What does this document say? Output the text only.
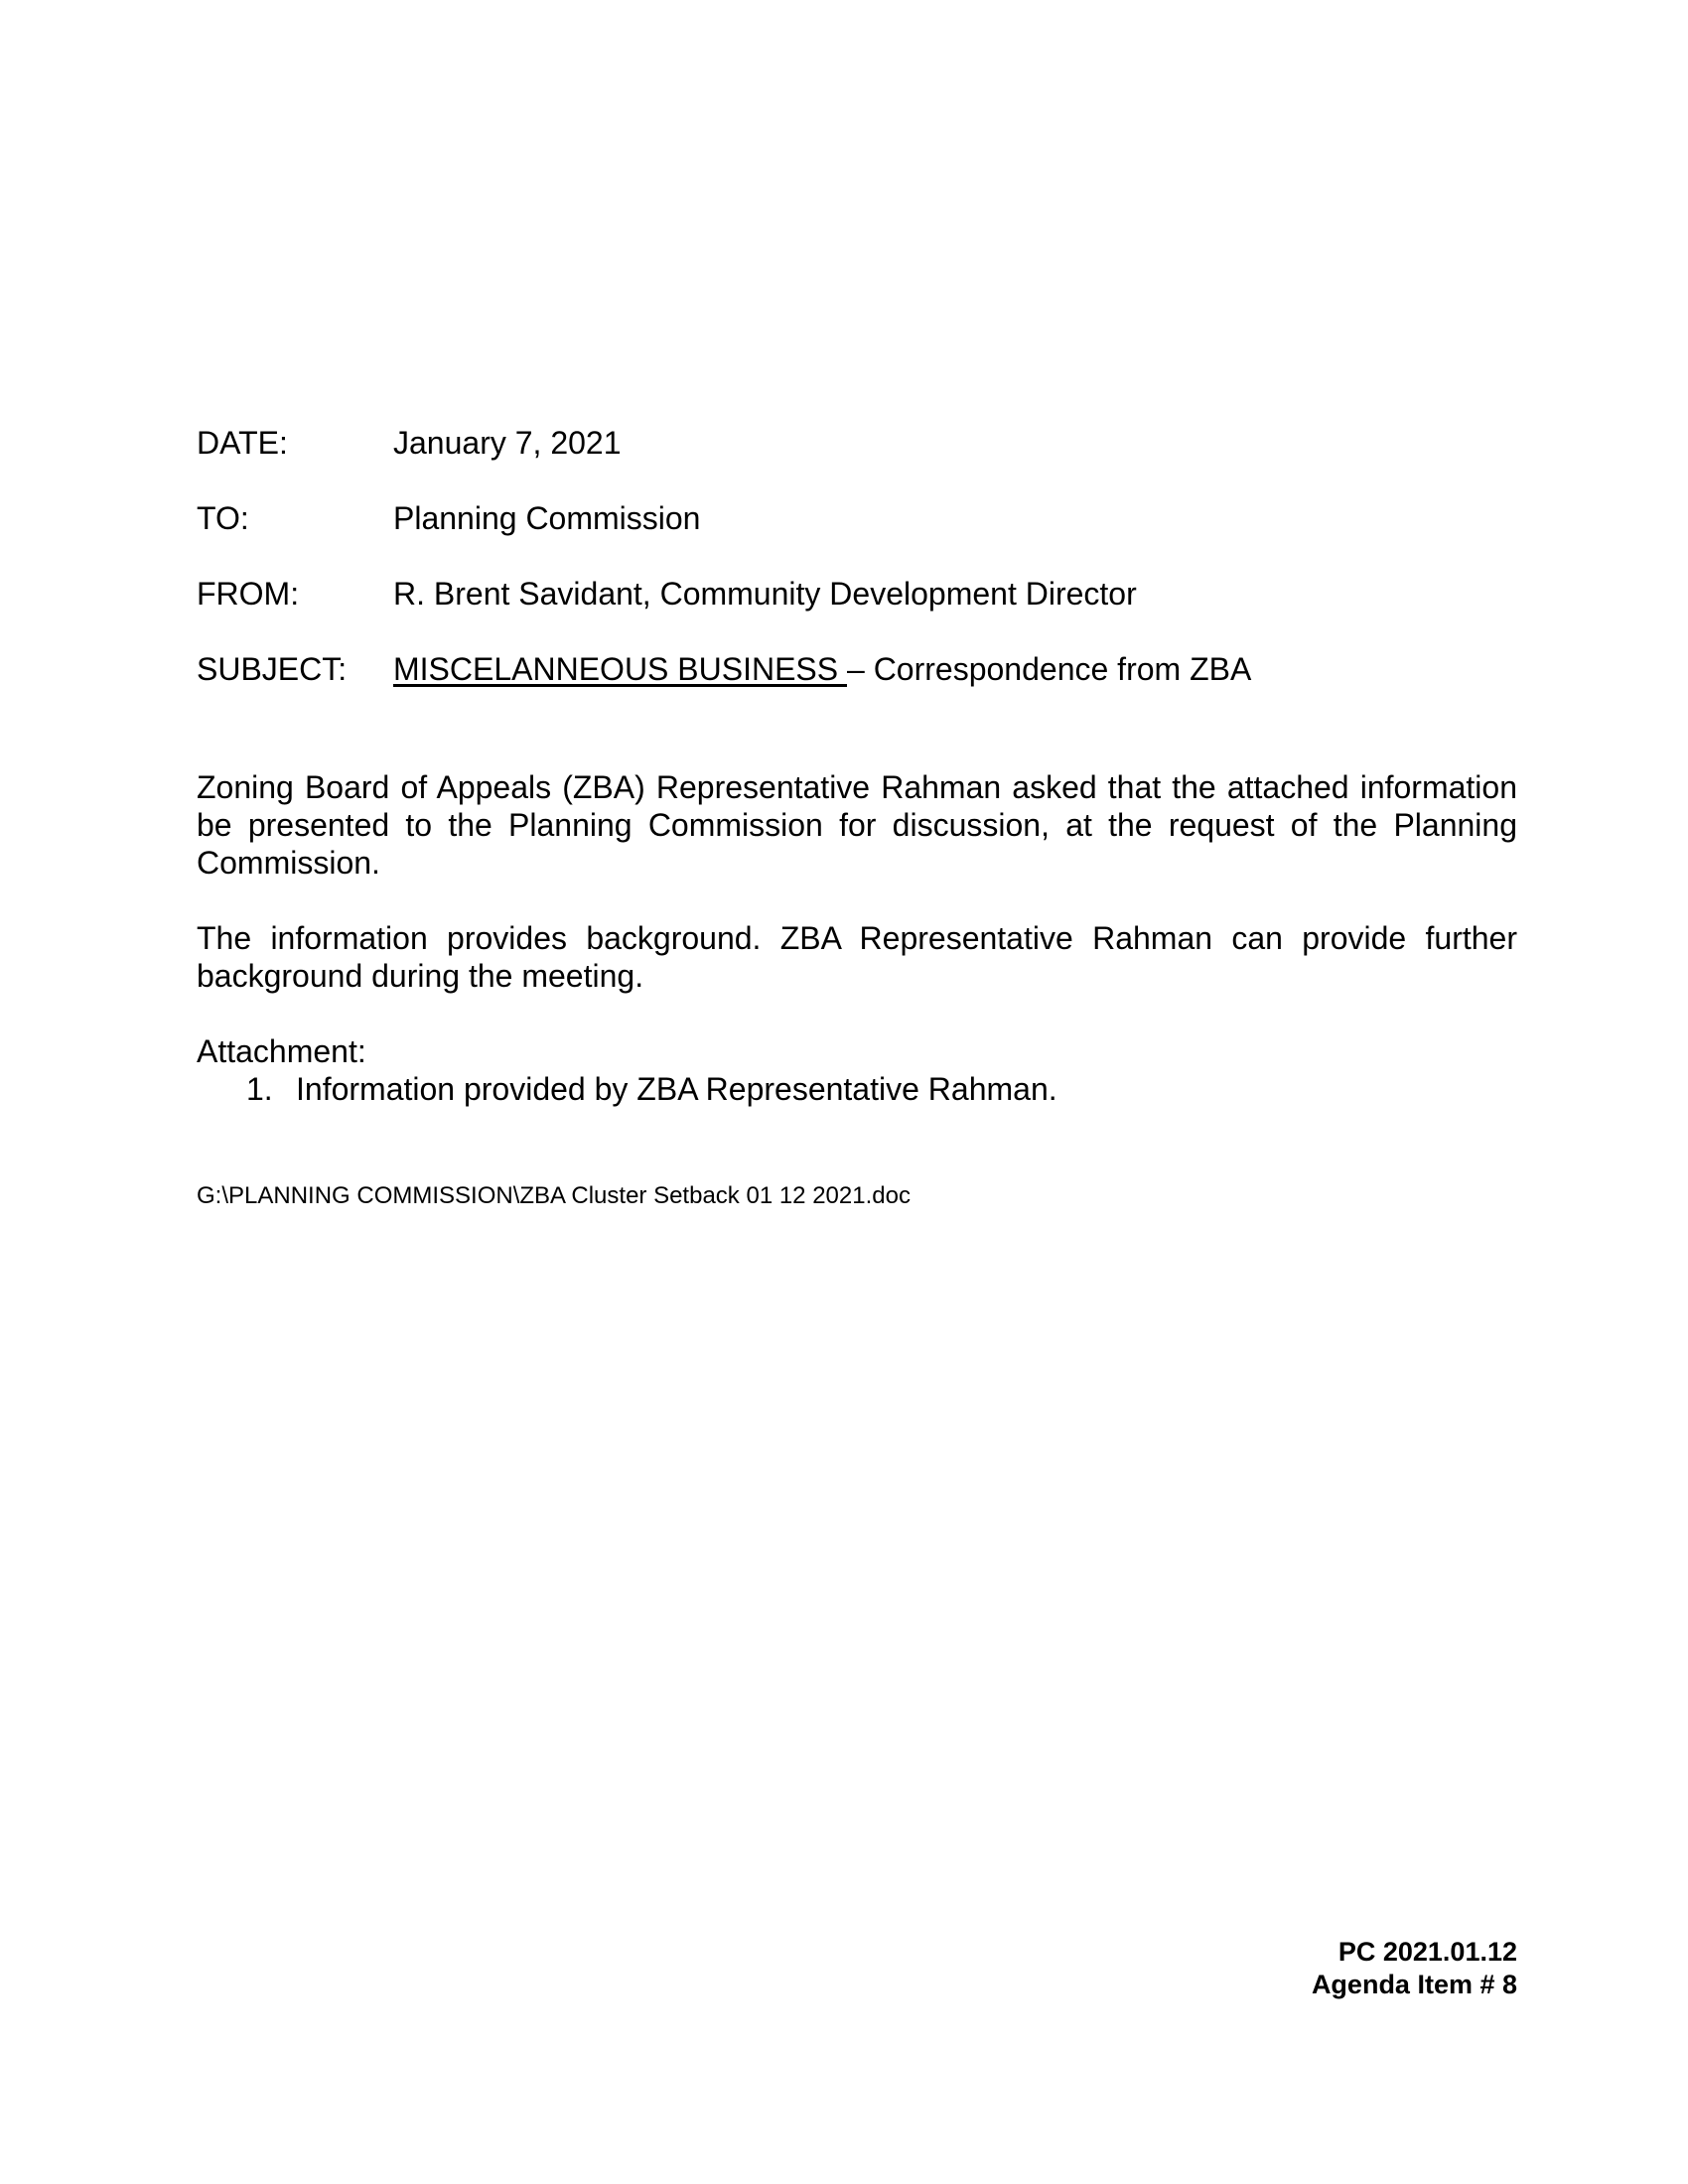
DATE:	January 7, 2021
TO:	Planning Commission
FROM:	R. Brent Savidant, Community Development Director
SUBJECT: MISCELANNEOUS BUSINESS – Correspondence from ZBA

Zoning Board of Appeals (ZBA) Representative Rahman asked that the attached information be presented to the Planning Commission for discussion, at the request of the Planning Commission.

The information provides background. ZBA Representative Rahman can provide further background during the meeting.

Attachment:
1. Information provided by ZBA Representative Rahman.
G:\PLANNING COMMISSION\ZBA Cluster Setback 01 12 2021.doc
PC 2021.01.12
Agenda Item # 8
